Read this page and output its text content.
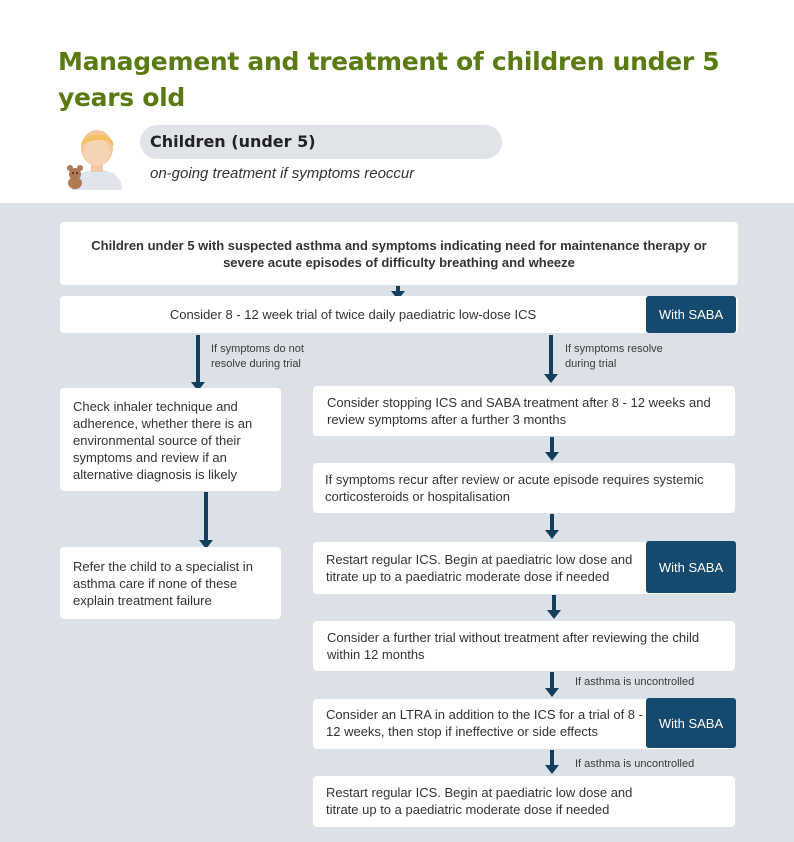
Management and treatment of children under 5 years old
Children (under 5)
on-going treatment if symptoms reoccur
Children under 5 with suspected asthma and symptoms indicating need for maintenance therapy or severe acute episodes of difficulty breathing and wheeze
Consider 8 - 12 week trial of twice daily paediatric low-dose ICS	With SABA
If symptoms do not resolve during trial
If symptoms resolve during trial
Check inhaler technique and adherence, whether there is an environmental source of their symptoms and review if an alternative diagnosis is likely
Refer the child to a specialist in asthma care if none of these explain treatment failure
Consider stopping ICS and SABA treatment after 8 - 12 weeks and review symptoms after a further 3 months
If symptoms recur after review or acute episode requires systemic corticosteroids or hospitalisation
Restart regular ICS. Begin at paediatric low dose and titrate up to a paediatric moderate dose if needed
With SABA
Consider a further trial without treatment after reviewing the child within 12 months
If asthma is uncontrolled
Consider an LTRA in addition to the ICS for a trial of 8 - 12 weeks, then stop if ineffective or side effects
With SABA
If asthma is uncontrolled
Restart regular ICS. Begin at paediatric low dose and titrate up to a paediatric moderate dose if needed
